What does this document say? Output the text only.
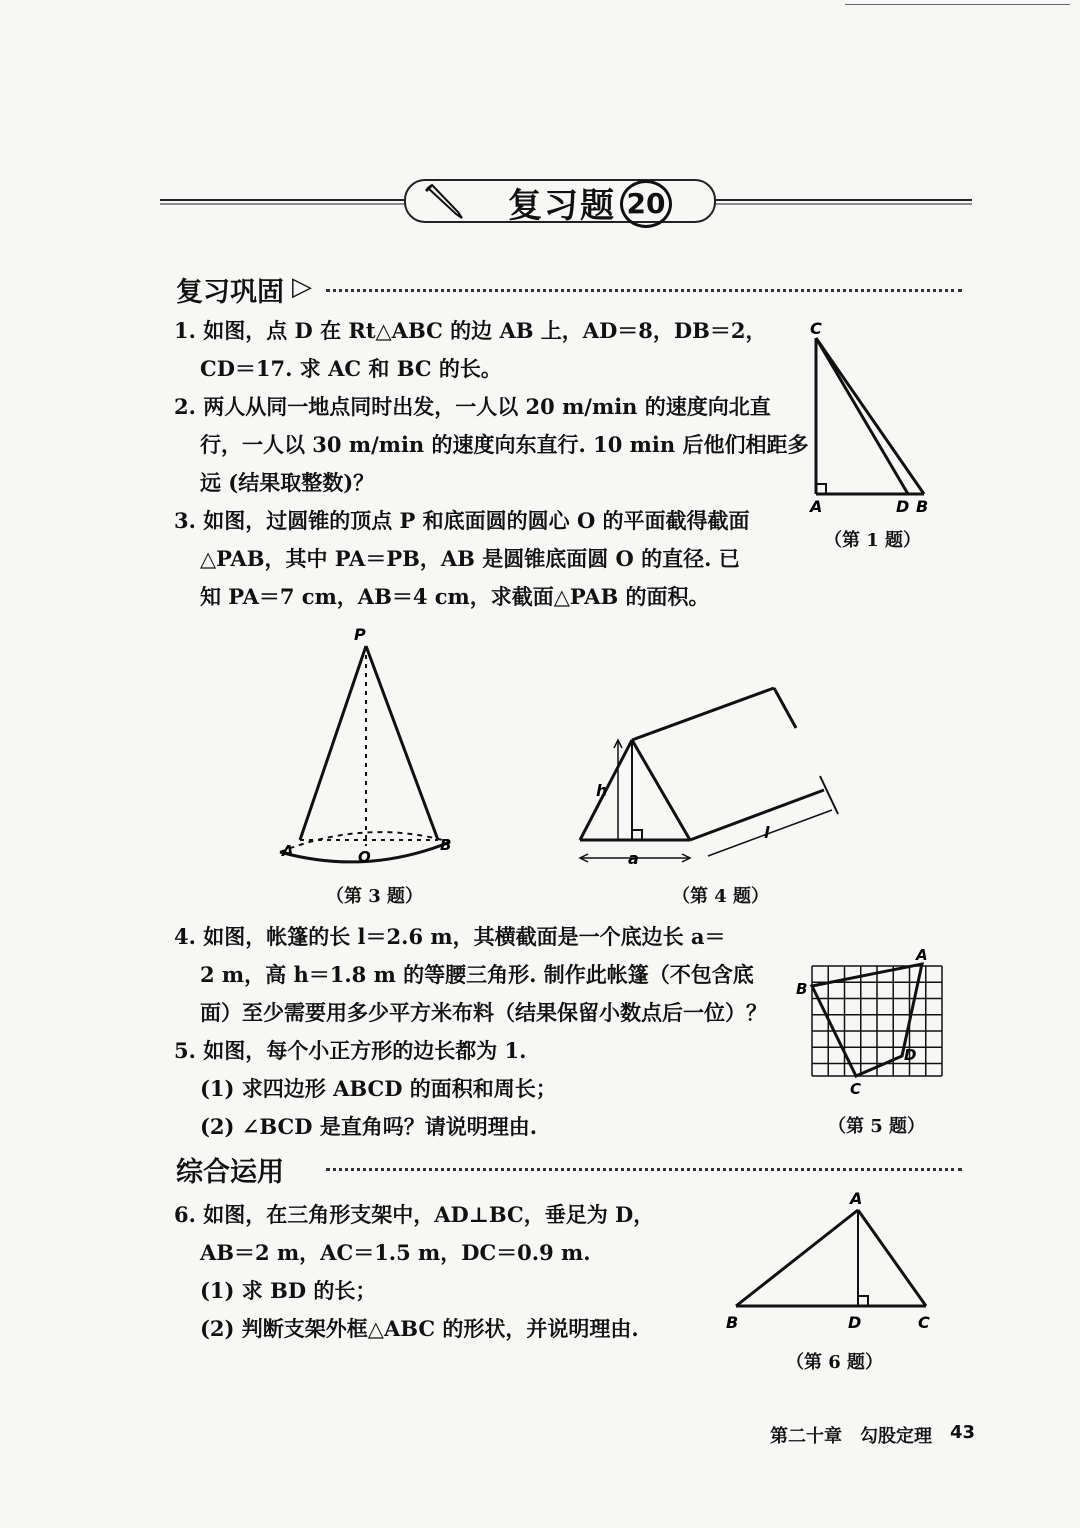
复习题 20
复习巩固 ▷
1. 如图，点 D 在 Rt△ABC 的边 AB 上，AD＝8，DB＝2，
CD＝17. 求 AC 和 BC 的长。
2. 两人从同一地点同时出发，一人以 20 m/min 的速度向北直
行，一人以 30 m/min 的速度向东直行. 10 min 后他们相距多
远 (结果取整数)？
3. 如图，过圆锥的顶点 P 和底面圆的圆心 O 的平面截得截面
△PAB，其中 PA＝PB，AB 是圆锥底面圆 O 的直径. 已
知 PA＝7 cm，AB＝4 cm，求截面△PAB 的面积。
C
A	D B
（第 1 题）
P
A	O
B
（第 3 题）
h
a
l
（第 4 题）
4. 如图，帐篷的长 l＝2.6 m，其横截面是一个底边长 a＝
2 m，高 h＝1.8 m 的等腰三角形. 制作此帐篷（不包含底
面）至少需要用多少平方米布料（结果保留小数点后一位）？
5. 如图，每个小正方形的边长都为 1.
(1) 求四边形 ABCD 的面积和周长；
(2) ∠BCD 是直角吗？请说明理由.
A
B
C
D
（第 5 题）
综合运用
6. 如图，在三角形支架中，AD⊥BC，垂足为 D，
AB＝2 m，AC＝1.5 m，DC＝0.9 m.
(1) 求 BD 的长；
(2) 判断支架外框△ABC 的形状，并说明理由.
A
B	D	C
（第 6 题）
第二十章　勾股定理 43
